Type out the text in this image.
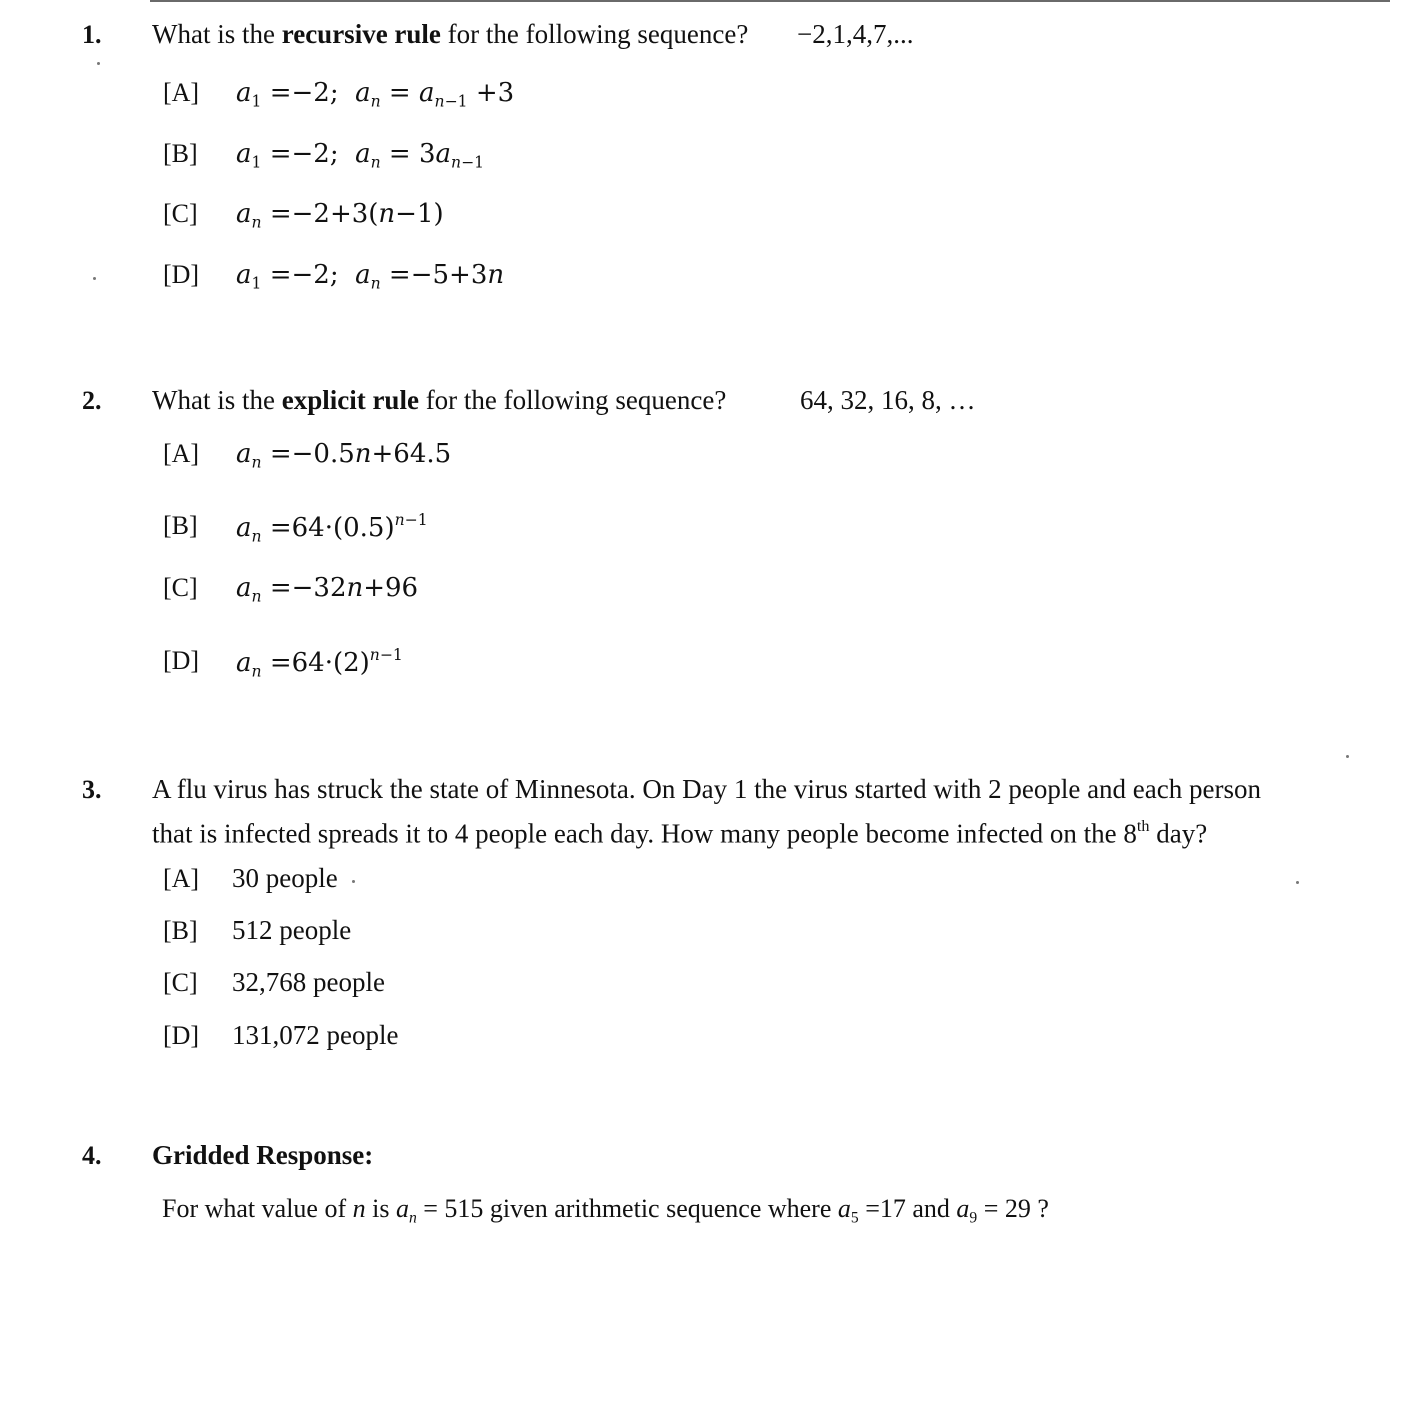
1. What is the recursive rule for the following sequence? −2,1,4,7,...
[A] $a_1 =-2$;  $a_n = a_{n-1} +3$
[B] $a_1 =-2$;  $a_n = 3a_{n-1}$
[C] $a_n =-2+3(n-1)$
[D] $a_1 =-2$;  $a_n =-5+3n$
2. What is the explicit rule for the following sequence?	64, 32, 16, 8, …
[A] $a_n =-0.5n+64.5$
[B] $a_n =64\cdot(0.5)^{n-1}$
[C] $a_n =-32n+96$
[D] $a_n =64\cdot(2)^{n-1}$
3. A flu virus has struck the state of Minnesota. On Day 1 the virus started with 2 people and each person
that is infected spreads it to 4 people each day. How many people become infected on the 8th day?
[A] 30 people
[B] 512 people
[C] 32,768 people
[D] 131,072 people
4. Gridded Response:
For what value of n is $a_n = 515$ given arithmetic sequence where $a_5 =17$ and $a_9 = 29$ ?
